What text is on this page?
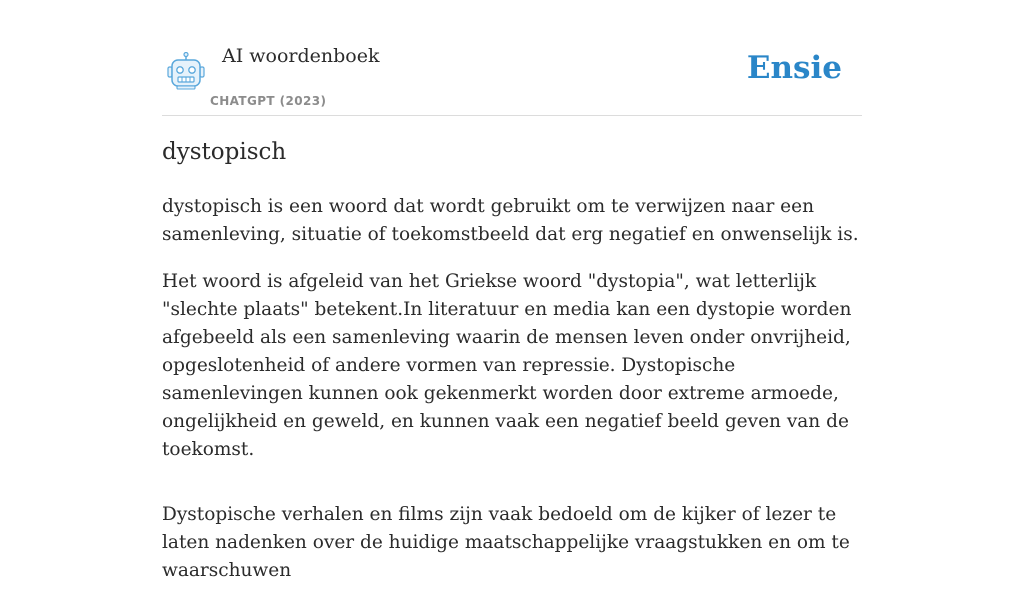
AI woordenboek
CHATGPT (2023)
Ensie
dystopisch

dystopisch is een woord dat wordt gebruikt om te verwijzen naar een samenleving, situatie of toekomstbeeld dat erg negatief en onwenselijk is.

Het woord is afgeleid van het Griekse woord "dystopia", wat letterlijk "slechte plaats" betekent.In literatuur en media kan een dystopie worden afgebeeld als een samenleving waarin de mensen leven onder onvrijheid, opgeslotenheid of andere vormen van repressie. Dystopische samenlevingen kunnen ook gekenmerkt worden door extreme armoede, ongelijkheid en geweld, en kunnen vaak een negatief beeld geven van de toekomst.

Dystopische verhalen en films zijn vaak bedoeld om de kijker of lezer te laten nadenken over de huidige maatschappelijke vraagstukken en om te waarschuwen
